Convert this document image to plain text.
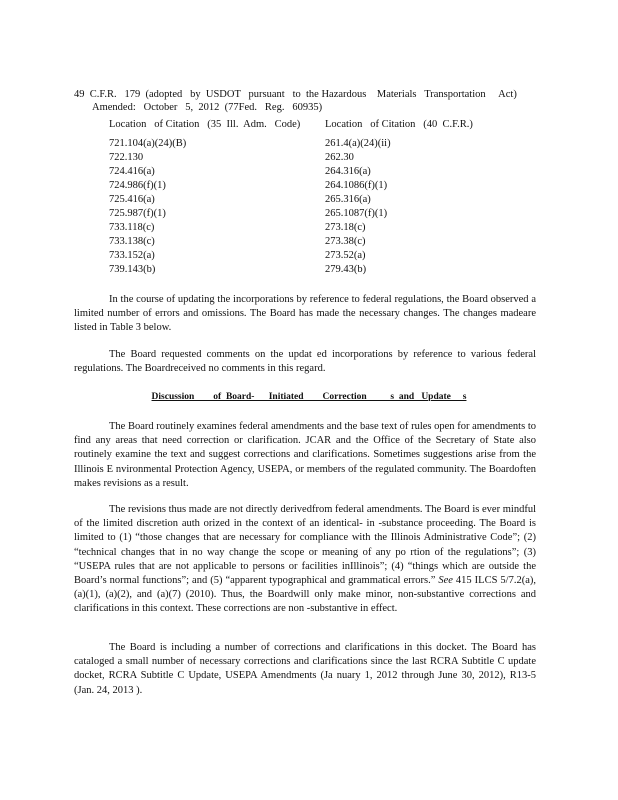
49  C.F.R.   179  (adopted   by  USDOT   pursuant   to  the Hazardous    Materials   Transportation     Act)
Amended:   October   5,  2012  (77Fed.   Reg.   60935)
Location   of Citation   (35  Ill.  Adm.   Code) Location   of Citation   (40  C.F.R.)
721.104(a)(24)(B)
722.130
724.416(a)
724.986(f)(1)
725.416(a)
725.987(f)(1)
733.118(c)
733.138(c)
733.152(a)
739.143(b)
261.4(a)(24)(ii)
262.30
264.316(a)
264.1086(f)(1)
265.316(a)
265.1087(f)(1)
273.18(c)
273.38(c)
273.52(a)
279.43(b)

In the course of updating the incorporations by reference to federal regulations, the Board observed a limited number of errors and omissions. The Board has made the necessary changes. The changes madeare listed in Table 3 below.

The Board requested comments on the updat ed incorporations by reference to various federal regulations. The Boardreceived no comments in this regard.

Discussion        of  Board-      Initiated        Correction          s  and   Update     s

The Board routinely examines federal amendments and the base text of rules open for amendments to find any areas that need correction or clarification. JCAR and the Office of the Secretary of State also routinely examine the text and suggest corrections and clarifications. Sometimes suggestions arise from the Illinois E nvironmental Protection Agency, USEPA, or members of the regulated community. The Boardoften makes revisions as a result.

The revisions thus made are not directly derivedfrom federal amendments. The Board is ever mindful of the limited discretion auth orized in the context of an identical- in -substance proceeding. The Board is limited to (1) “those changes that are necessary for compliance with the Illinois Administrative Code”; (2) “technical changes that in no way change the scope or meaning of any po rtion of the regulations”; (3) “USEPA rules that are not applicable to persons or facilities inIllinois”; (4) “things which are outside the Board’s normal functions”; and (5) “apparent typographical and grammatical errors.” See 415 ILCS 5/7.2(a), (a)(1), (a)(2), and (a)(7) (2010). Thus, the Boardwill only make minor, non-substantive corrections and clarifications in this context. These corrections are non -substantive in effect.

The Board is including a number of corrections and clarifications in this docket. The Board has cataloged a small number of necessary corrections and clarifications since the last RCRA Subtitle C update docket, RCRA Subtitle C Update, USEPA Amendments (Ja nuary 1, 2012 through June 30, 2012), R13-5 (Jan. 24, 2013 ).
